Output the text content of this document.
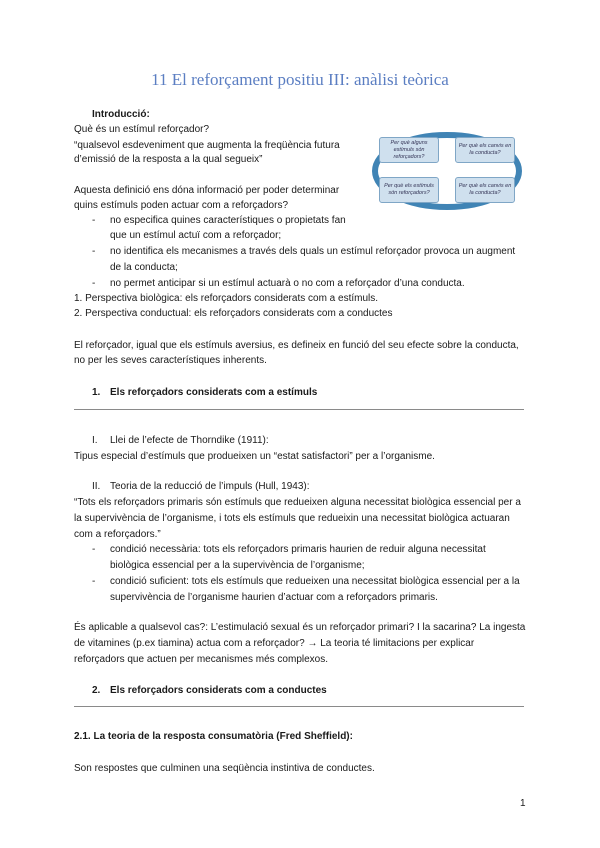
11 El reforçament positiu III: anàlisi teòrica
Introducció:
Què és un estímul reforçador?
“qualsevol esdeveniment que augmenta la freqüència futura
d’emissió de la resposta a la qual segueix”
Aquesta definició ens dóna informació per poder determinar
quins estímuls poden actuar com a reforçadors?
- no especifica quines característiques o propietats fan
que un estímul actuï com a reforçador;
- no identifica els mecanismes a través dels quals un estímul reforçador provoca un augment
de la conducta;
- no permet anticipar si un estímul actuarà o no com a reforçador d’una conducta.
1. Perspectiva biològica: els reforçadors considerats com a estímuls.
2. Perspectiva conductual: els reforçadors considerats com a conductes
El reforçador, igual que els estímuls aversius, es defineix en funció del seu efecte sobre la conducta,
no per les seves característiques inherents.
Per què alguns estímuls són reforçadors?
Per què els canvis en la conducta?
Per què els estímuls són reforçadors?
Per què els canvis en la conducta?
1. Els reforçadors considerats com a estímuls
I. Llei de l’efecte de Thorndike (1911):
Tipus especial d’estímuls que produeixen un “estat satisfactori” per a l’organisme.
II. Teoria de la reducció de l’impuls (Hull, 1943):
“Tots els reforçadors primaris són estímuls que redueixen alguna necessitat biològica essencial per a
la supervivència de l’organisme, i tots els estímuls que redueixin una necessitat biològica actuaran
com a reforçadors.”
- condició necessària: tots els reforçadors primaris haurien de reduir alguna necessitat
biològica essencial per a la supervivència de l’organisme;
- condició suficient: tots els estímuls que redueixen una necessitat biològica essencial per a la
supervivència de l’organisme haurien d’actuar com a reforçadors primaris.
És aplicable a qualsevol cas?: L’estimulació sexual és un reforçador primari? I la sacarina? La ingesta
de vitamines (p.ex tiamina) actua com a reforçador? → La teoria té limitacions per explicar
reforçadors que actuen per mecanismes més complexos.
2. Els reforçadors considerats com a conductes
2.1. La teoria de la resposta consumatòria (Fred Sheffield):
Son respostes que culminen una seqüència instintiva de conductes.
1
